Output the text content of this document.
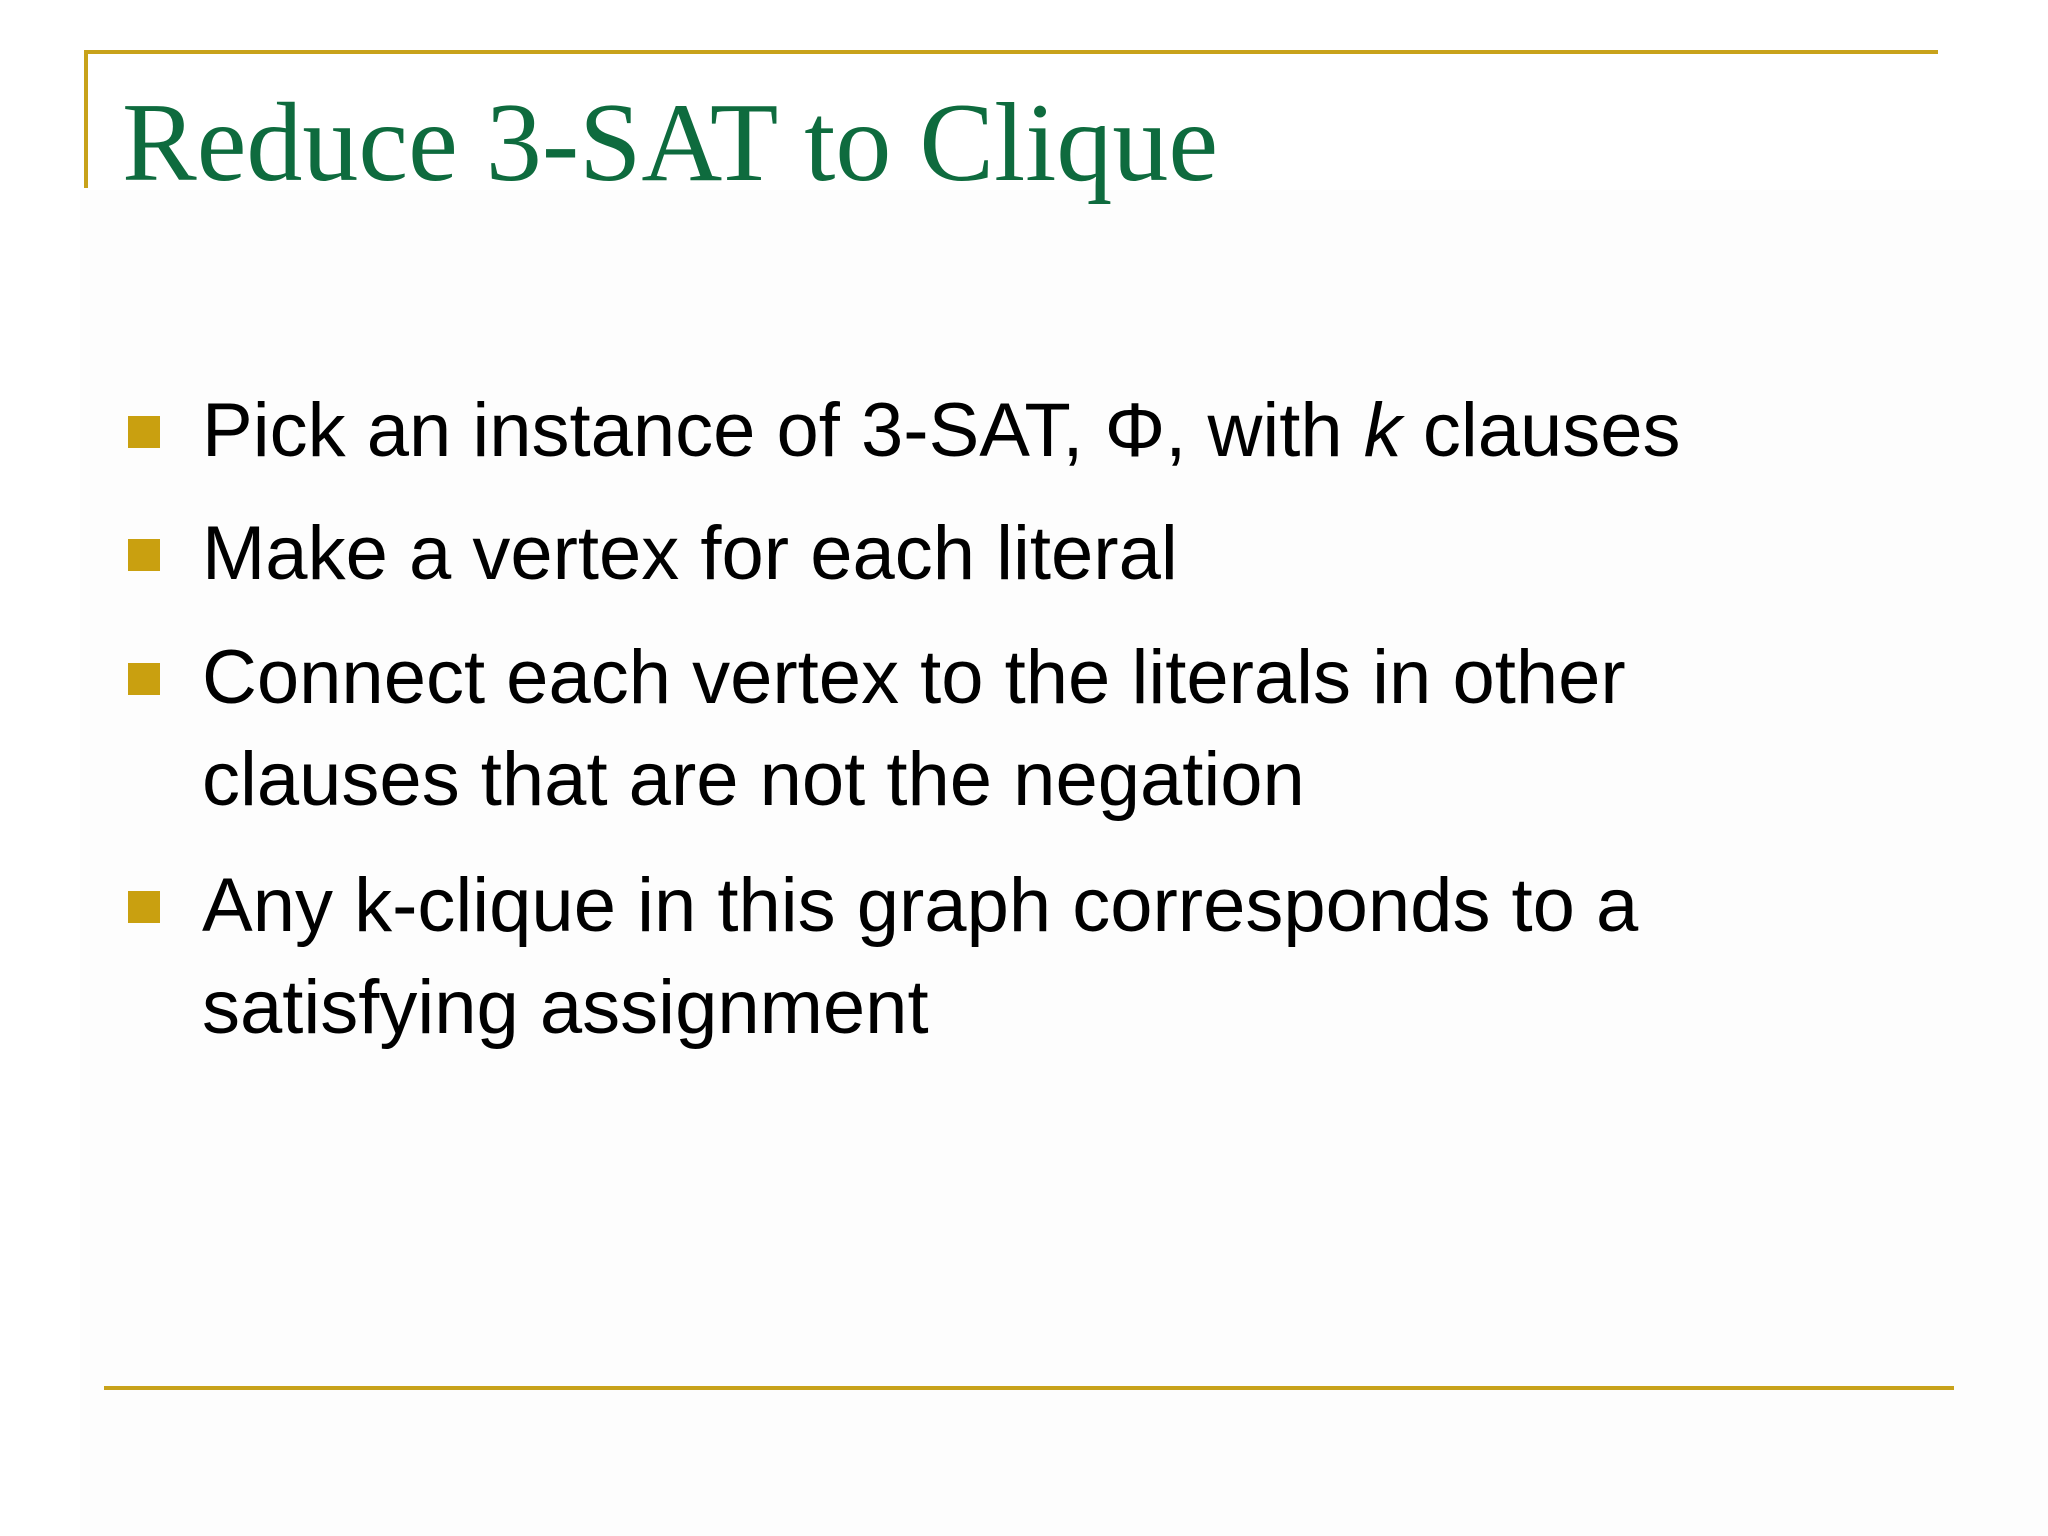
Reduce 3-SAT to Clique

Pick an instance of 3-SAT, Φ, with k clauses

Make a vertex for each literal

Connect each vertex to the literals in other clauses that are not the negation

Any k-clique in this graph corresponds to a satisfying assignment
